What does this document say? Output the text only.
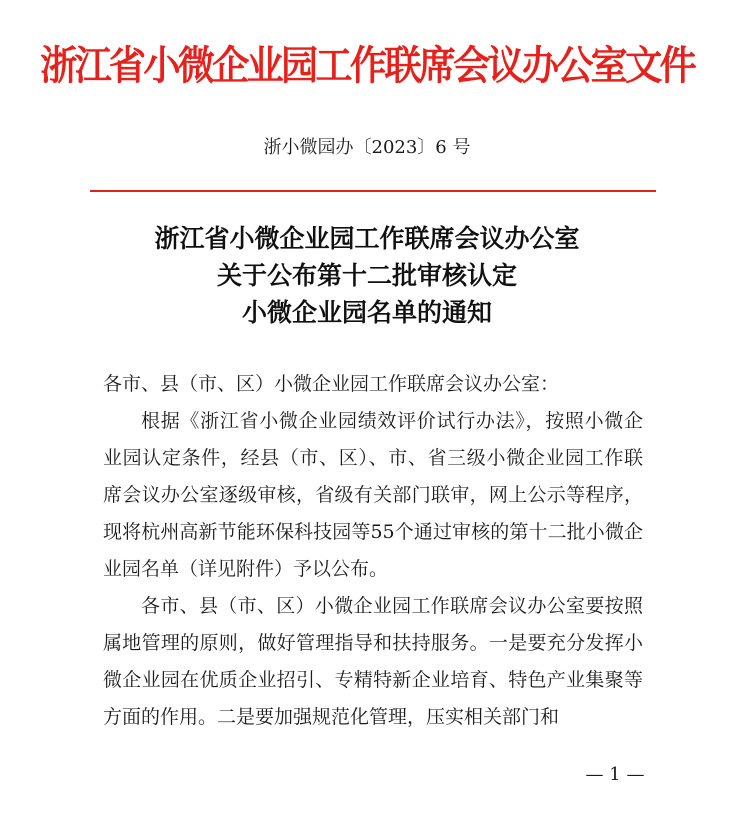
浙江省小微企业园工作联席会议办公室文件
浙小微园办〔2023〕6 号
浙江省小微企业园工作联席会议办公室
关于公布第十二批审核认定
小微企业园名单的通知

各市、县（市、区）小微企业园工作联席会议办公室：

根据《浙江省小微企业园绩效评价试行办法》，按照小微企业园认定条件，经县（市、区）、市、省三级小微企业园工作联席会议办公室逐级审核，省级有关部门联审，网上公示等程序，现将杭州高新节能环保科技园等55个通过审核的第十二批小微企业园名单（详见附件）予以公布。

各市、县（市、区）小微企业园工作联席会议办公室要按照属地管理的原则，做好管理指导和扶持服务。一是要充分发挥小微企业园在优质企业招引、专精特新企业培育、特色产业集聚等方面的作用。二是要加强规范化管理，压实相关部门和

— 1 —
